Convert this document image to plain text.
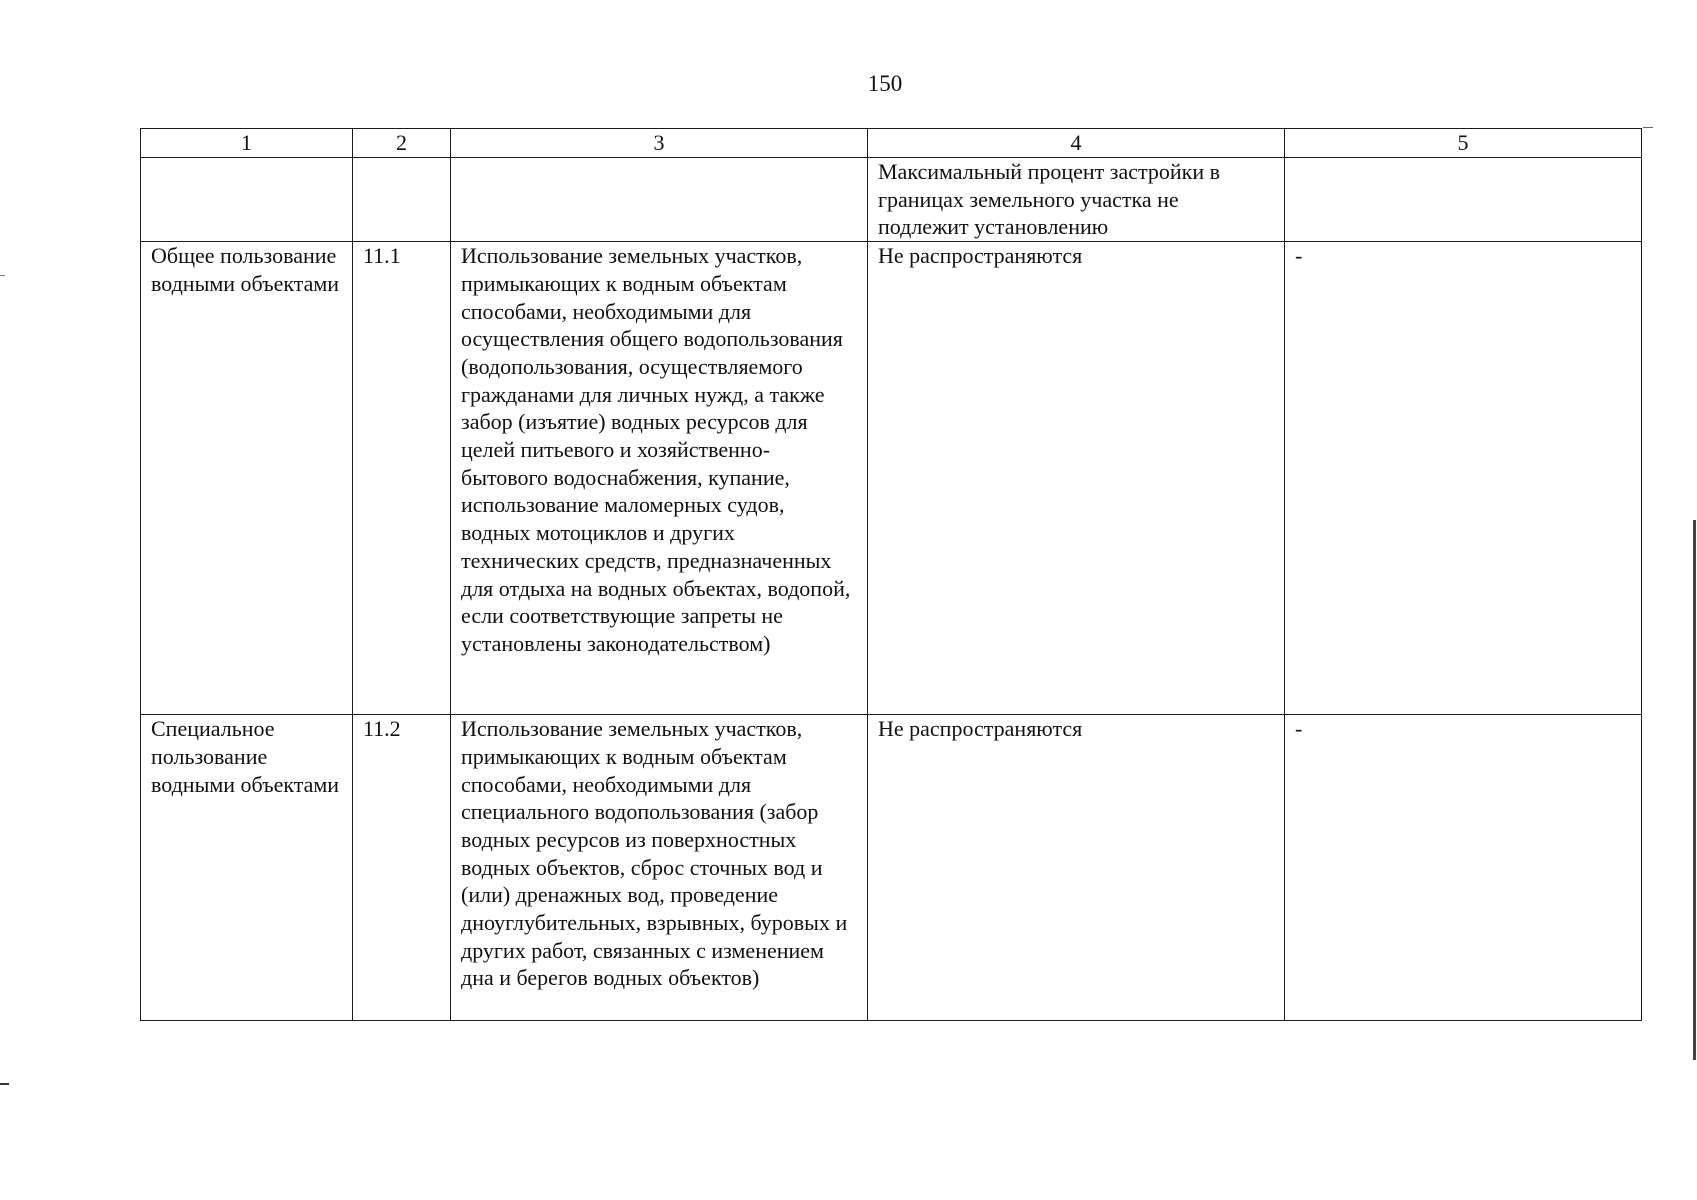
150
1	2	3	4	5

			Максимальный процент застройки в границах земельного участка не подлежит установлению	

Общее пользование водными объектами	11.1	Использование земельных участков, примыкающих к водным объектам способами, необходимыми для осуществления общего водопользования (водопользования, осуществляемого гражданами для личных нужд, а также забор (изъятие) водных ресурсов для целей питьевого и хозяйственно-бытового водоснабжения, купание, использование маломерных судов, водных мотоциклов и других технических средств, предназначенных для отдыха на водных объектах, водопой, если соответствующие запреты не установлены законодательством)	Не распространяются	-

Специальное пользование водными объектами	11.2	Использование земельных участков, примыкающих к водным объектам способами, необходимыми для специального водопользования (забор водных ресурсов из поверхностных водных объектов, сброс сточных вод и (или) дренажных вод, проведение дноуглубительных, взрывных, буровых и других работ, связанных с изменением дна и берегов водных объектов)	Не распространяются	-
